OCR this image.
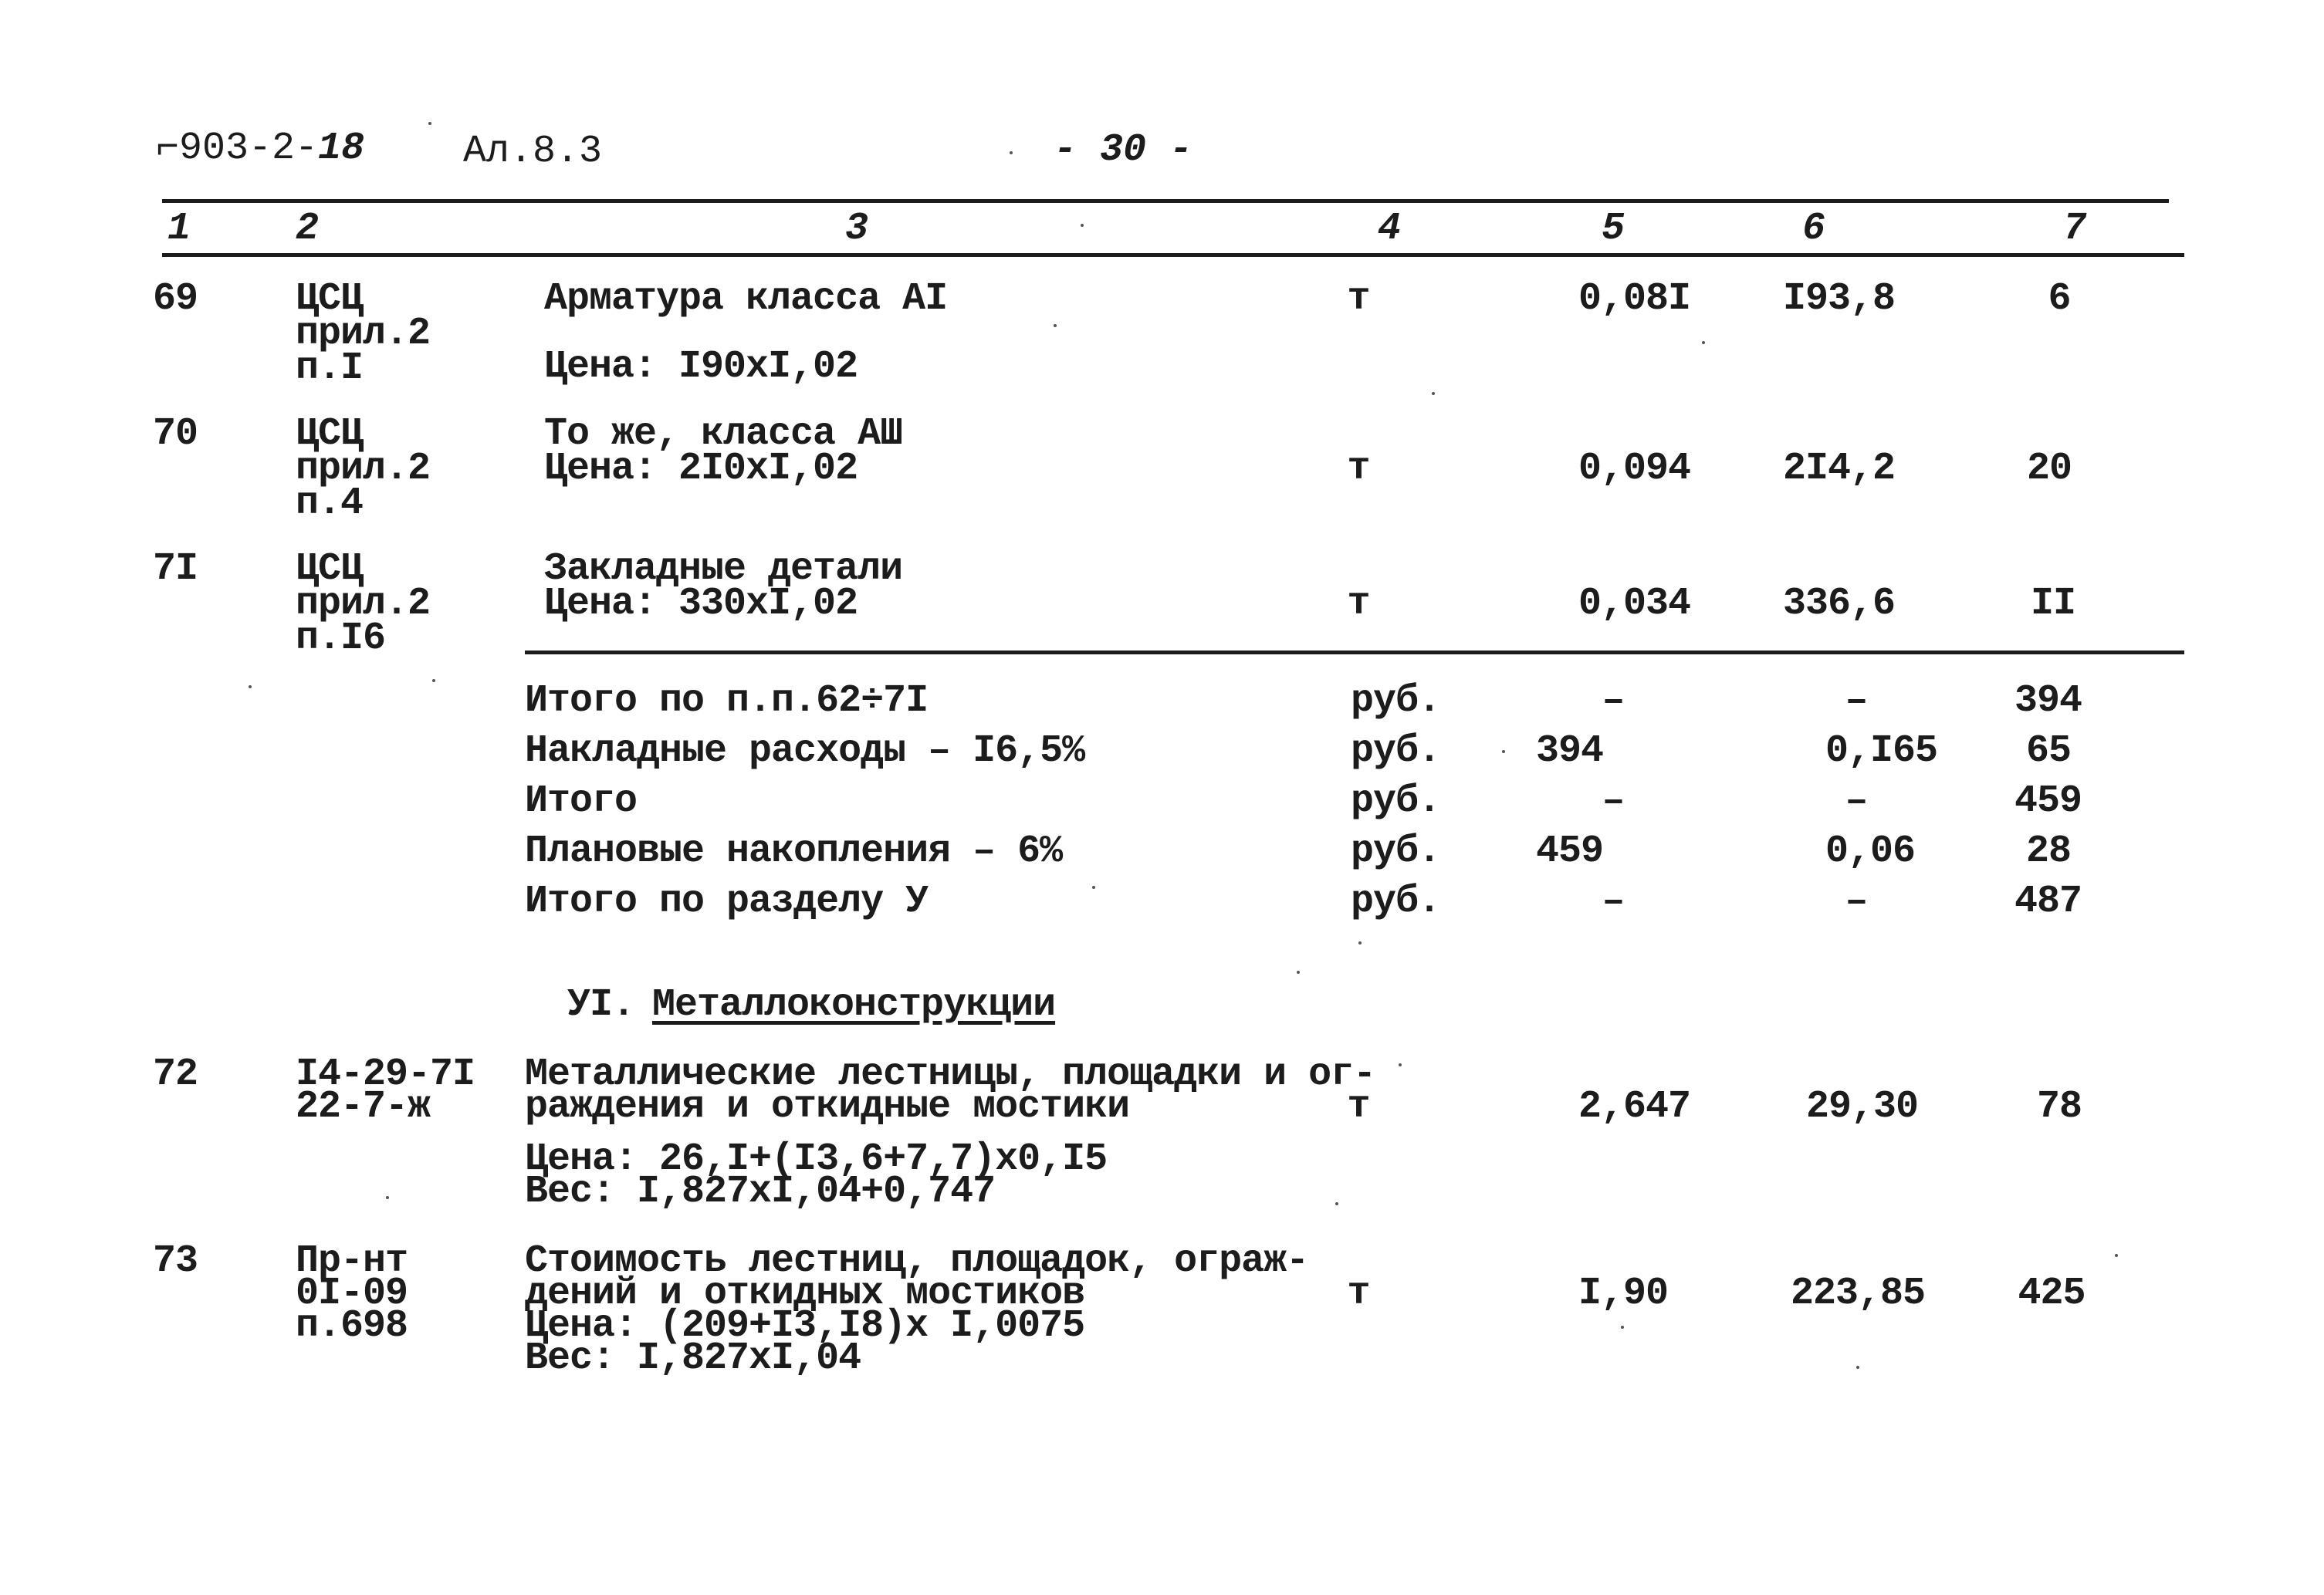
⌐903-2-18	Ал.8.3	- 30 -
1	2	3	4	5	6	7
69	ЦСЦ
прил.2
п.I
Арматура класса AI
Цена: I90xI,02
т	0,08I I93,8	6
70	ЦСЦ
прил.2
п.4
То же, класса АШ
Цена: 2I0xI,02	т	0,094 2I4,2	20
7I	ЦСЦ
прил.2
п.I6
Закладные детали
Цена: 330xI,02	т	0,034 336,6	II
Итого по п.п.62÷7I	руб.	–	–	394
Накладные расходы – I6,5%	руб. 394	0,I65 65
Итого	руб.	–	–	459
Плановые накопления – 6%	руб. 459	0,06	28
Итого по разделу У	руб.	–	–	487
УI. Металлоконструкции
72	I4-29-7I
22-7-ж
Металлические лестницы, площадки и ог-
раждения и откидные мостики
Цена: 26,I+(I3,6+7,7)x0,I5
Вес: I,827xI,04+0,747
т	2,647	29,30	78
73	Пр-нт
0I-09
п.698
Стоимость лестниц, площадок, ограж-
дений и откидных мостиков
Цена: (209+I3,I8)x I,0075
Вес: I,827xI,04
т	I,90	223,85 425
